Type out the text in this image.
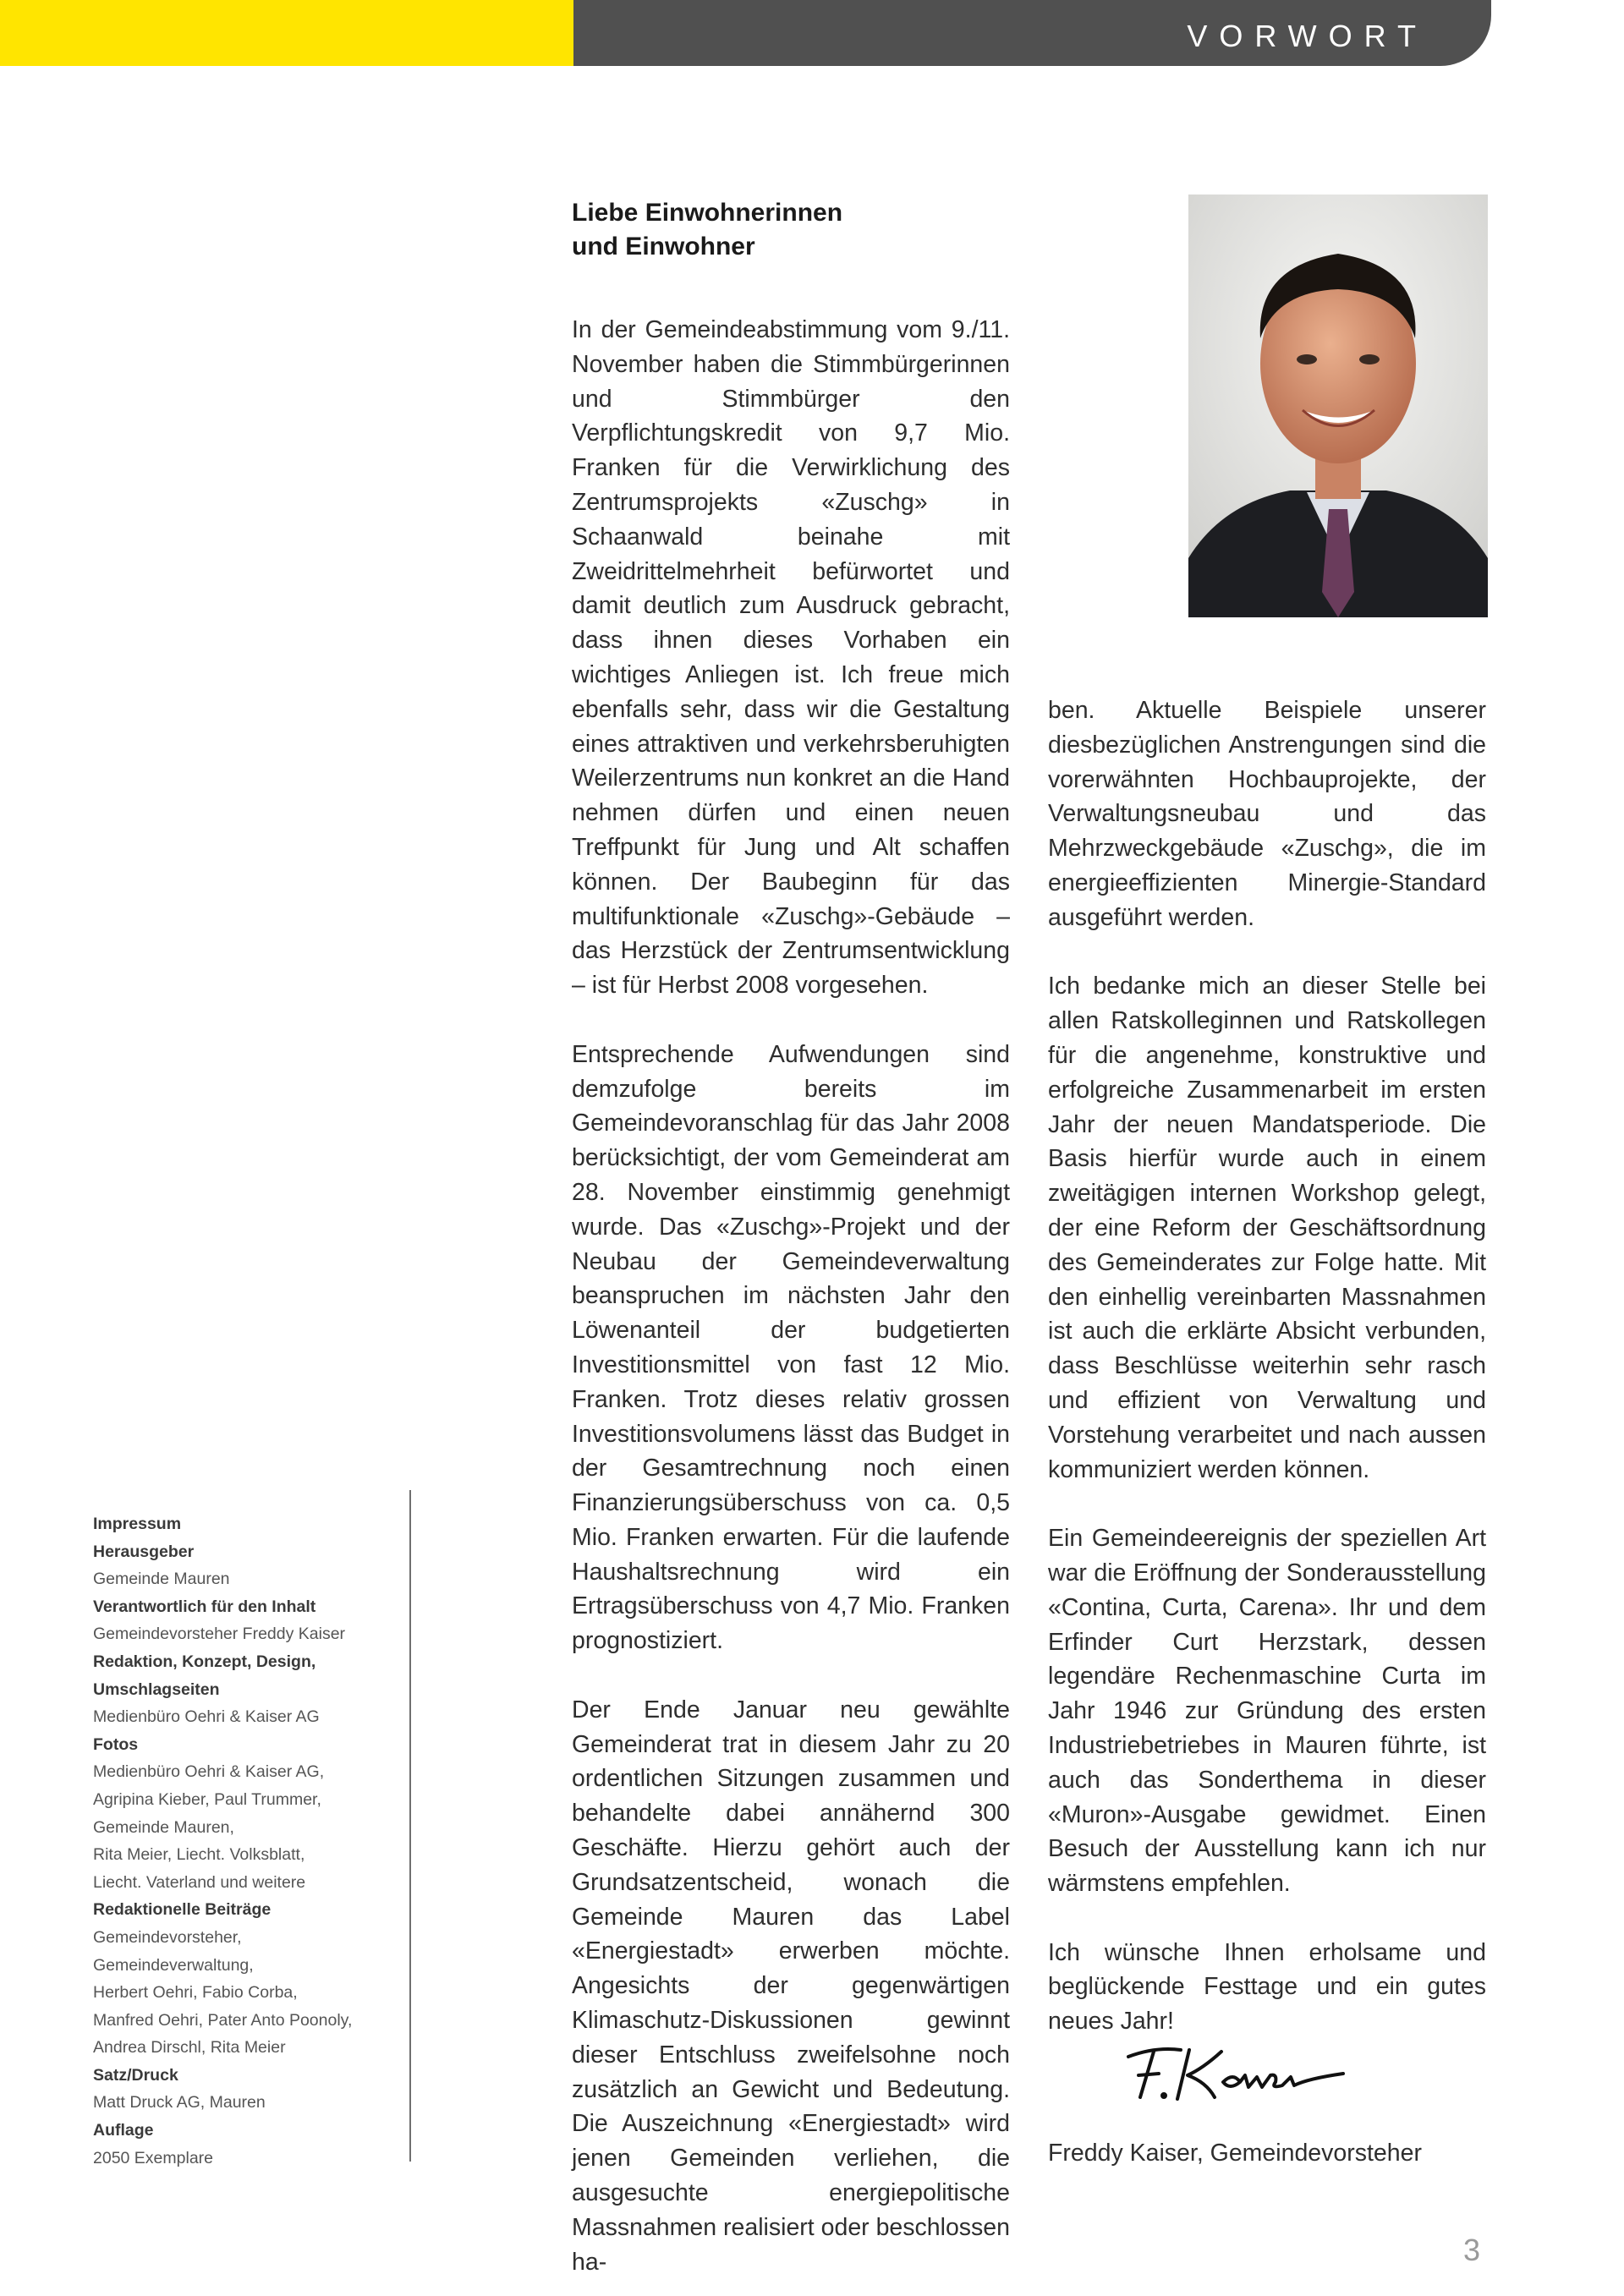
VORWORT
Liebe Einwohnerinnen
und Einwohner

In der Gemeindeabstimmung vom 9./11. November haben die Stimmbürgerinnen und Stimmbürger den Verpflichtungskredit von 9,7 Mio. Franken für die Verwirklichung des Zentrumsprojekts «Zuschg» in Schaanwald beinahe mit Zweidrittelmehrheit befürwortet und damit deutlich zum Ausdruck gebracht, dass ihnen dieses Vorhaben ein wichtiges Anliegen ist. Ich freue mich ebenfalls sehr, dass wir die Gestaltung eines attraktiven und verkehrsberuhigten Weilerzentrums nun konkret an die Hand nehmen dürfen und einen neuen Treffpunkt für Jung und Alt schaffen können. Der Baubeginn für das multifunktionale «Zuschg»-Gebäude – das Herzstück der Zentrumsentwicklung – ist für Herbst 2008 vorgesehen.

Entsprechende Aufwendungen sind demzufolge bereits im Gemeindevoranschlag für das Jahr 2008 berücksichtigt, der vom Gemeinderat am 28. November einstimmig genehmigt wurde. Das «Zuschg»-Projekt und der Neubau der Gemeindeverwaltung beanspruchen im nächsten Jahr den Löwenanteil der budgetierten Investitionsmittel von fast 12 Mio. Franken. Trotz dieses relativ grossen Investitionsvolumens lässt das Budget in der Gesamtrechnung noch einen Finanzierungsüberschuss von ca. 0,5 Mio. Franken erwarten. Für die laufende Haushaltsrechnung wird ein Ertragsüberschuss von 4,7 Mio. Franken prognostiziert.

Der Ende Januar neu gewählte Gemeinderat trat in diesem Jahr zu 20 ordentlichen Sitzungen zusammen und behandelte dabei annähernd 300 Geschäfte. Hierzu gehört auch der Grundsatzentscheid, wonach die Gemeinde Mauren das Label «Energiestadt» erwerben möchte. Angesichts der gegenwärtigen Klimaschutz-Diskussionen gewinnt dieser Entschluss zweifelsohne noch zusätzlich an Gewicht und Bedeutung. Die Auszeichnung «Energiestadt» wird jenen Gemeinden verliehen, die ausgesuchte energiepolitische Massnahmen realisiert oder beschlossen ha-

ben. Aktuelle Beispiele unserer diesbezüglichen Anstrengungen sind die vorerwähnten Hochbauprojekte, der Verwaltungsneubau und das Mehrzweckgebäude «Zuschg», die im energieeffizienten Minergie-Standard ausgeführt werden.

Ich bedanke mich an dieser Stelle bei allen Ratskolleginnen und Ratskollegen für die angenehme, konstruktive und erfolgreiche Zusammenarbeit im ersten Jahr der neuen Mandatsperiode. Die Basis hierfür wurde auch in einem zweitägigen internen Workshop gelegt, der eine Reform der Geschäftsordnung des Gemeinderates zur Folge hatte. Mit den einhellig vereinbarten Massnahmen ist auch die erklärte Absicht verbunden, dass Beschlüsse weiterhin sehr rasch und effizient von Verwaltung und Vorstehung verarbeitet und nach aussen kommuniziert werden können.

Ein Gemeindeereignis der speziellen Art war die Eröffnung der Sonderausstellung «Contina, Curta, Carena». Ihr und dem Erfinder Curt Herzstark, dessen legendäre Rechenmaschine Curta im Jahr 1946 zur Gründung des ersten Industriebetriebes in Mauren führte, ist auch das Sonderthema in dieser «Muron»-Ausgabe gewidmet. Einen Besuch der Ausstellung kann ich nur wärmstens empfehlen.

Ich wünsche Ihnen erholsame und beglückende Festtage und ein gutes neues Jahr!

Freddy Kaiser, Gemeindevorsteher
Impressum
Herausgeber
Gemeinde Mauren
Verantwortlich für den Inhalt
Gemeindevorsteher Freddy Kaiser
Redaktion, Konzept, Design,
Umschlagseiten
Medienbüro Oehri & Kaiser AG
Fotos
Medienbüro Oehri & Kaiser AG,
Agripina Kieber, Paul Trummer,
Gemeinde Mauren,
Rita Meier, Liecht. Volksblatt,
Liecht. Vaterland und weitere
Redaktionelle Beiträge
Gemeindevorsteher,
Gemeindeverwaltung,
Herbert Oehri, Fabio Corba,
Manfred Oehri, Pater Anto Poonoly,
Andrea Dirschl, Rita Meier
Satz/Druck
Matt Druck AG, Mauren
Auflage
2050 Exemplare
3
